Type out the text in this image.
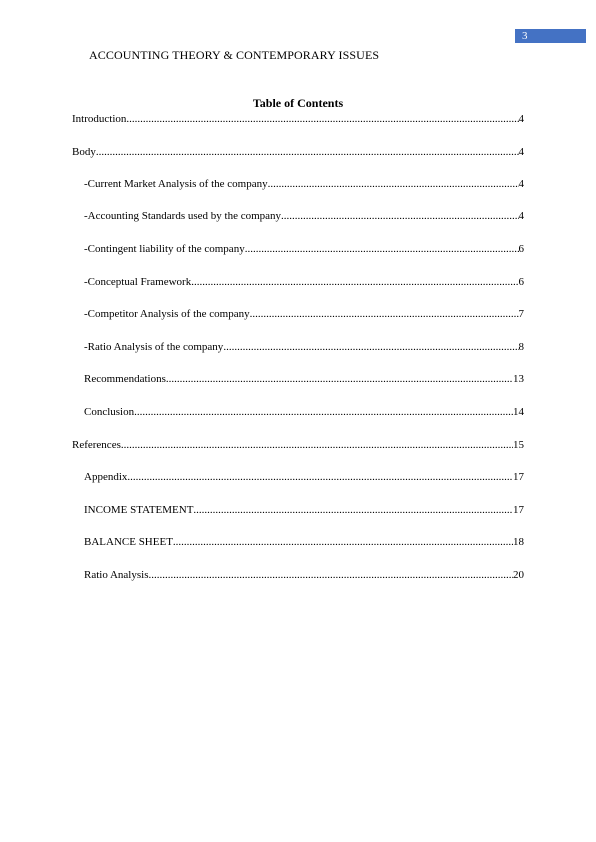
3
ACCOUNTING THEORY & CONTEMPORARY ISSUES
Table of Contents
Introduction .....	4
Body .....	4
-Current Market Analysis of the company .....	4
-Accounting Standards used by the company .....	4
-Contingent liability of the company .....	6
-Conceptual Framework .....	6
-Competitor Analysis of the company .....	7
-Ratio Analysis of the company .....	8
Recommendations .....	13
Conclusion .....	14
References .....	15
Appendix .....	17
INCOME STATEMENT .....	17
BALANCE SHEET .....	18
Ratio Analysis .....	20
